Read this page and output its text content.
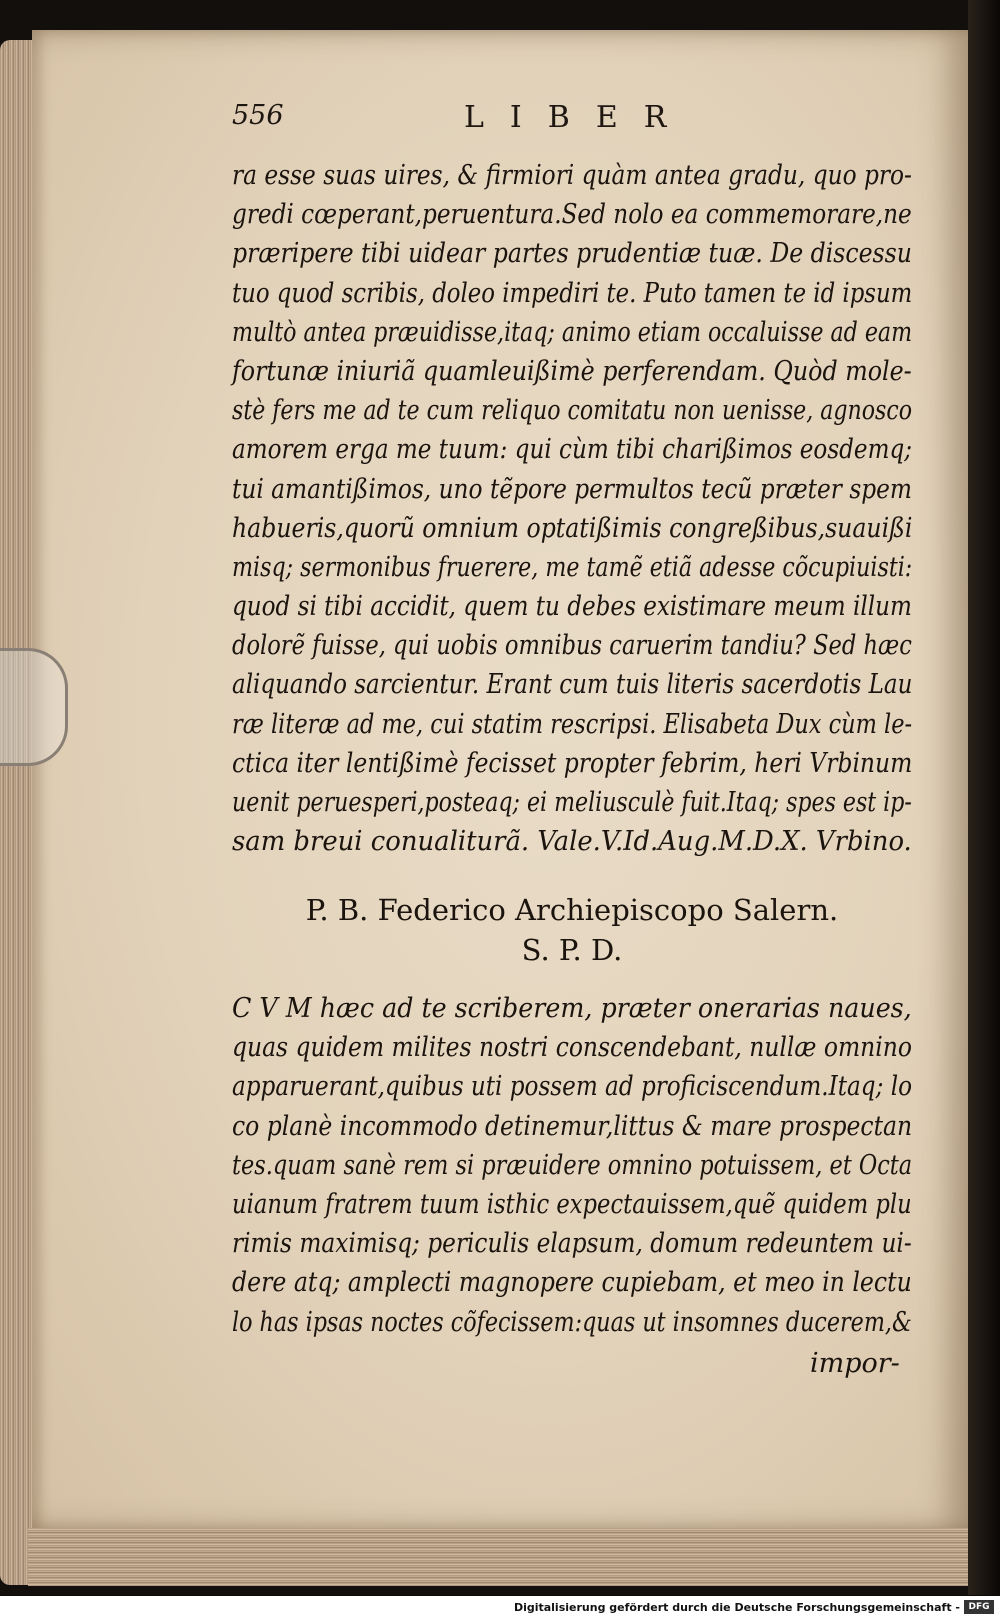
556	LIBER
ra esse suas uires, & firmiori quàm antea gradu, quo pro-
gredi cœperant,peruentura.Sed nolo ea commemorare,ne
præripere tibi uidear partes prudentiæ tuæ. De discessu
tuo quod scribis, doleo impediri te. Puto tamen te id ipsum
multò antea præuidisse,itaq; animo etiam occaluisse ad eam
fortunæ iniuriã quamleuißimè perferendam. Quòd mole-
stè fers me ad te cum reliquo comitatu non uenisse, agnosco
amorem erga me tuum: qui cùm tibi charißimos eosdemq;
tui amantißimos, uno tẽpore permultos tecũ præter spem
habueris,quorũ omnium optatißimis congreßibus,suauißi
misq; sermonibus fruerere, me tamẽ etiã adesse cõcupiuisti:
quod si tibi accidit, quem tu debes existimare meum illum
dolorẽ fuisse, qui uobis omnibus caruerim tandiu? Sed hæc
aliquando sarcientur. Erant cum tuis literis sacerdotis Lau
ræ literæ ad me, cui statim rescripsi. Elisabeta Dux cùm le-
ctica iter lentißimè fecisset propter febrim, heri Vrbinum
uenit peruesperi,posteaq; ei meliusculè fuit.Itaq; spes est ip-
sam breui conualiturã. Vale.V.Id.Aug.M.D.X. Vrbino.
P. B. Federico Archiepiscopo Salern.
S. P. D.
C V M hæc ad te scriberem, præter onerarias naues,
quas quidem milites nostri conscendebant, nullæ omnino
apparuerant,quibus uti possem ad proficiscendum.Itaq; lo
co planè incommodo detinemur,littus & mare prospectan
tes.quam sanè rem si præuidere omnino potuissem, et Octa
uianum fratrem tuum isthic expectauissem,quẽ quidem plu
rimis maximisq; periculis elapsum, domum redeuntem ui-
dere atq; amplecti magnopere cupiebam, et meo in lectu
lo has ipsas noctes cõfecissem:quas ut insomnes ducerem,&
impor-
Digitalisierung gefördert durch die Deutsche Forschungsgemeinschaft - DFG
